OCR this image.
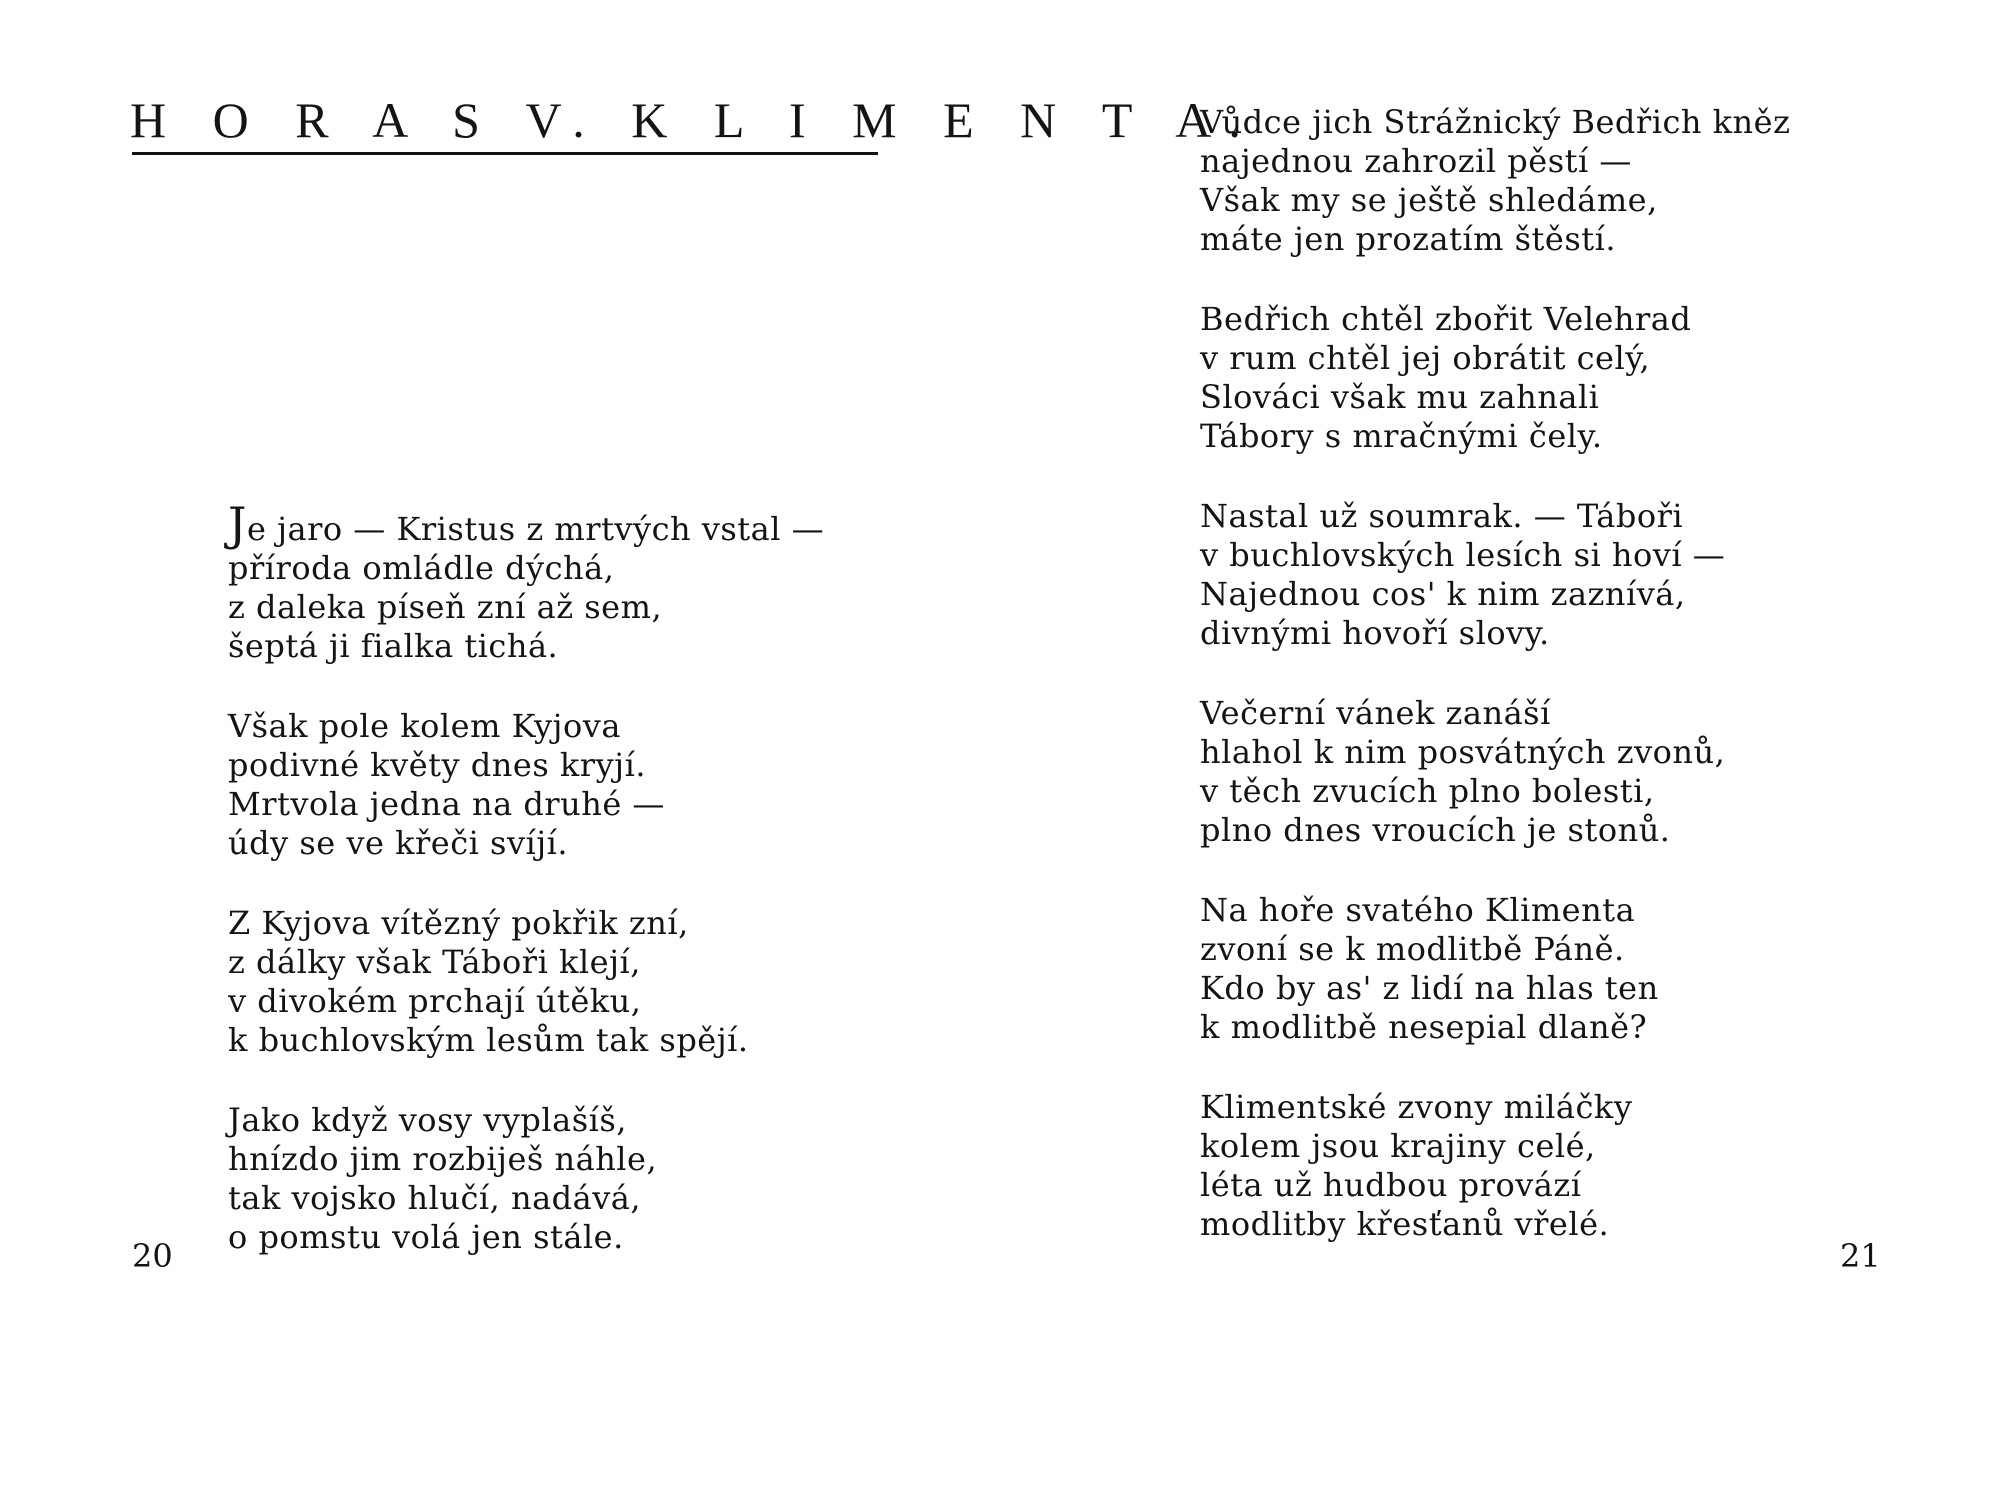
H O R A S V. K L I M E N T A.
Je jaro — Kristus z mrtvých vstal —
příroda omládle dýchá,
z daleka píseň zní až sem,
šeptá ji fialka tichá.
Však pole kolem Kyjova
podivné květy dnes kryjí.
Mrtvola jedna na druhé —
údy se ve křeči svíjí.
Z Kyjova vítězný pokřik zní,
z dálky však Táboři klejí,
v divokém prchají útěku,
k buchlovským lesům tak spějí.
Jako když vosy vyplašíš,
hnízdo jim rozbiješ náhle,
tak vojsko hlučí, nadává,
o pomstu volá jen stále.
20
Vůdce jich Strážnický Bedřich kněz
najednou zahrozil pěstí —
Však my se ještě shledáme,
máte jen prozatím štěstí.
Bedřich chtěl zbořit Velehrad
v rum chtěl jej obrátit celý,
Slováci však mu zahnali
Tábory s mračnými čely.
Nastal už soumrak. — Táboři
v buchlovských lesích si hoví —
Najednou cos' k nim zaznívá,
divnými hovoří slovy.
Večerní vánek zanáší
hlahol k nim posvátných zvonů,
v těch zvucích plno bolesti,
plno dnes vroucích je stonů.
Na hoře svatého Klimenta
zvoní se k modlitbě Páně.
Kdo by as' z lidí na hlas ten
k modlitbě nesepial dlaně?
Klimentské zvony miláčky
kolem jsou krajiny celé,
léta už hudbou provází
modlitby křesťanů vřelé.
21
